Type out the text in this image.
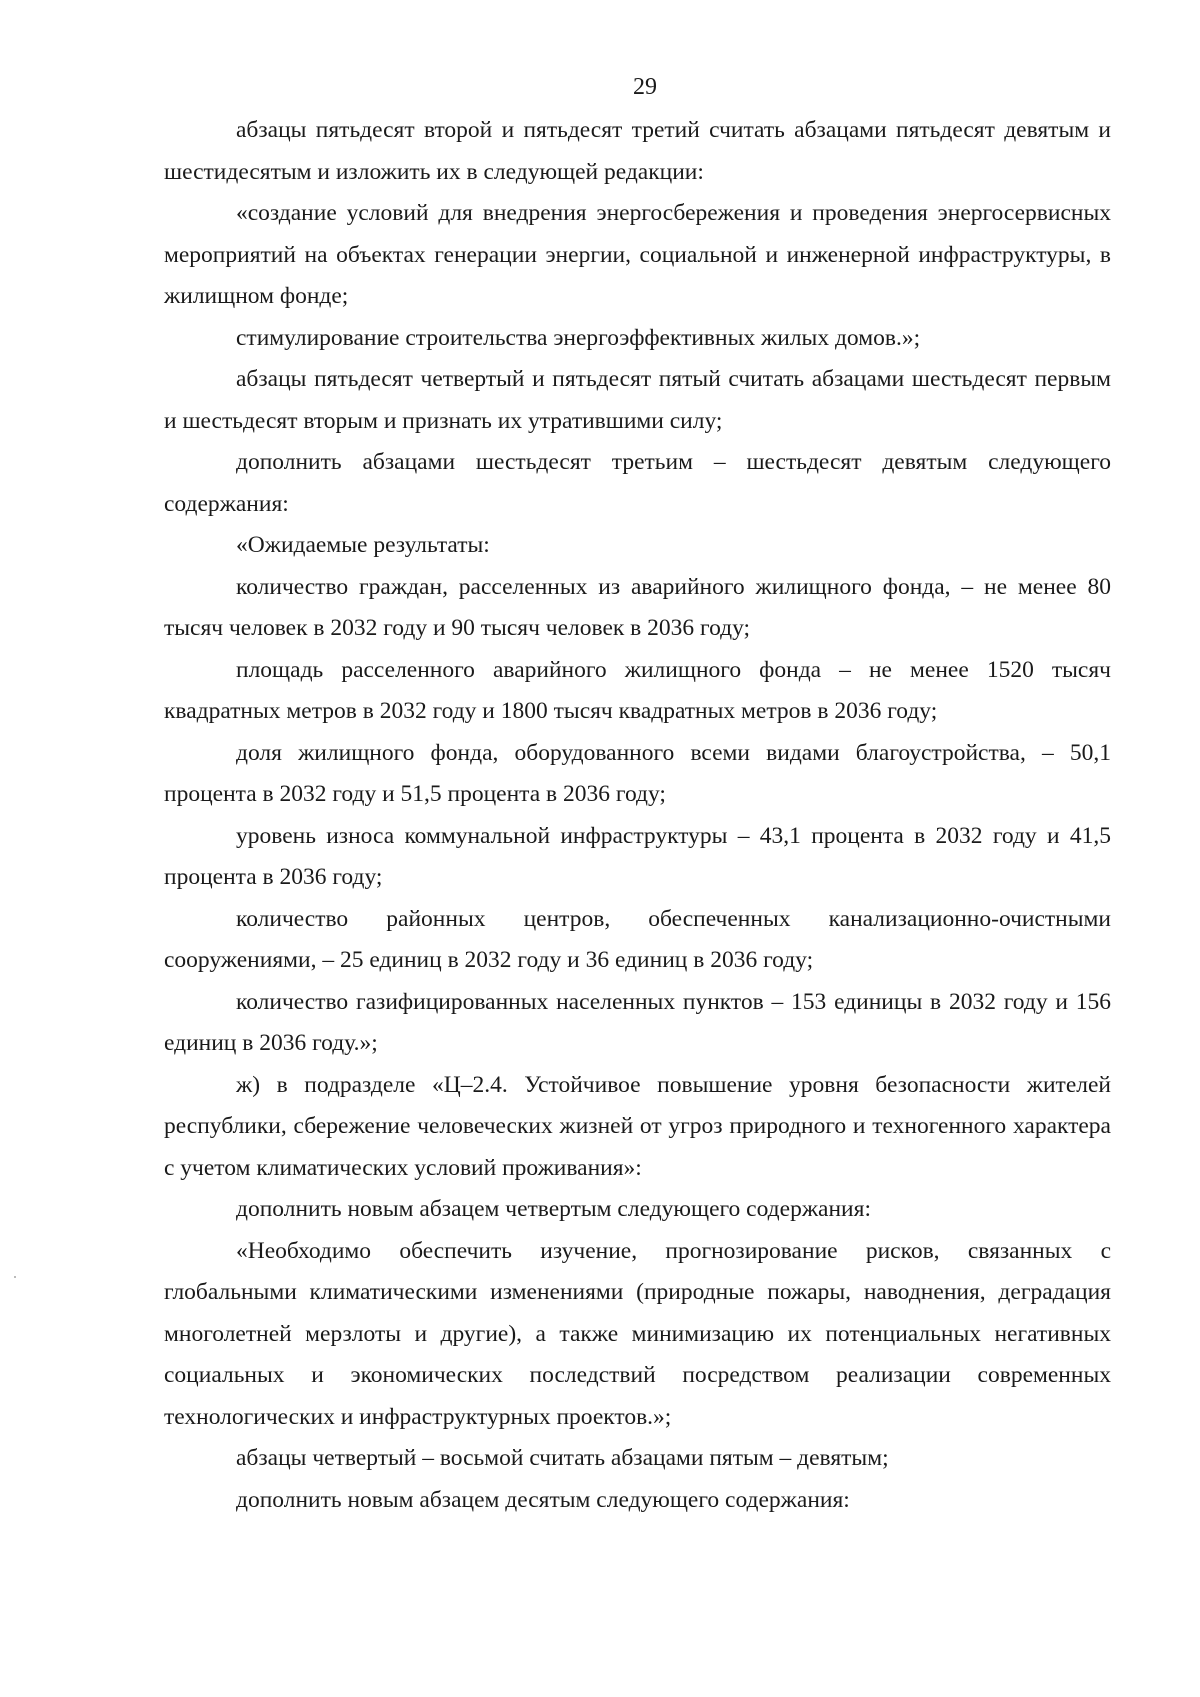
29

абзацы пятьдесят второй и пятьдесят третий считать абзацами пятьдесят девятым и шестидесятым и изложить их в следующей редакции:

«создание условий для внедрения энергосбережения и проведения энергосервисных мероприятий на объектах генерации энергии, социальной и инженерной инфраструктуры, в жилищном фонде;

стимулирование строительства энергоэффективных жилых домов.»;

абзацы пятьдесят четвертый и пятьдесят пятый считать абзацами шестьдесят первым и шестьдесят вторым и признать их утратившими силу;

дополнить абзацами шестьдесят третьим – шестьдесят девятым следующего содержания:

«Ожидаемые результаты:

количество граждан, расселенных из аварийного жилищного фонда, – не менее 80 тысяч человек в 2032 году и 90 тысяч человек в 2036 году;

площадь расселенного аварийного жилищного фонда – не менее 1520 тысяч квадратных метров в 2032 году и 1800 тысяч квадратных метров в 2036 году;

доля жилищного фонда, оборудованного всеми видами благоустройства, – 50,1 процента в 2032 году и 51,5 процента в 2036 году;

уровень износа коммунальной инфраструктуры – 43,1 процента в 2032 году и 41,5 процента в 2036 году;

количество районных центров, обеспеченных канализационно-очистными сооружениями, – 25 единиц в 2032 году и 36 единиц в 2036 году;

количество газифицированных населенных пунктов – 153 единицы в 2032 году и 156 единиц в 2036 году.»;

ж) в подразделе «Ц–2.4. Устойчивое повышение уровня безопасности жителей республики, сбережение человеческих жизней от угроз природного и техногенного характера с учетом климатических условий проживания»:

дополнить новым абзацем четвертым следующего содержания:

«Необходимо обеспечить изучение, прогнозирование рисков, связанных с глобальными климатическими изменениями (природные пожары, наводнения, деградация многолетней мерзлоты и другие), а также минимизацию их потенциальных негативных социальных и экономических последствий посредством реализации современных технологических и инфраструктурных проектов.»;

абзацы четвертый – восьмой считать абзацами пятым – девятым;

дополнить новым абзацем десятым следующего содержания:
